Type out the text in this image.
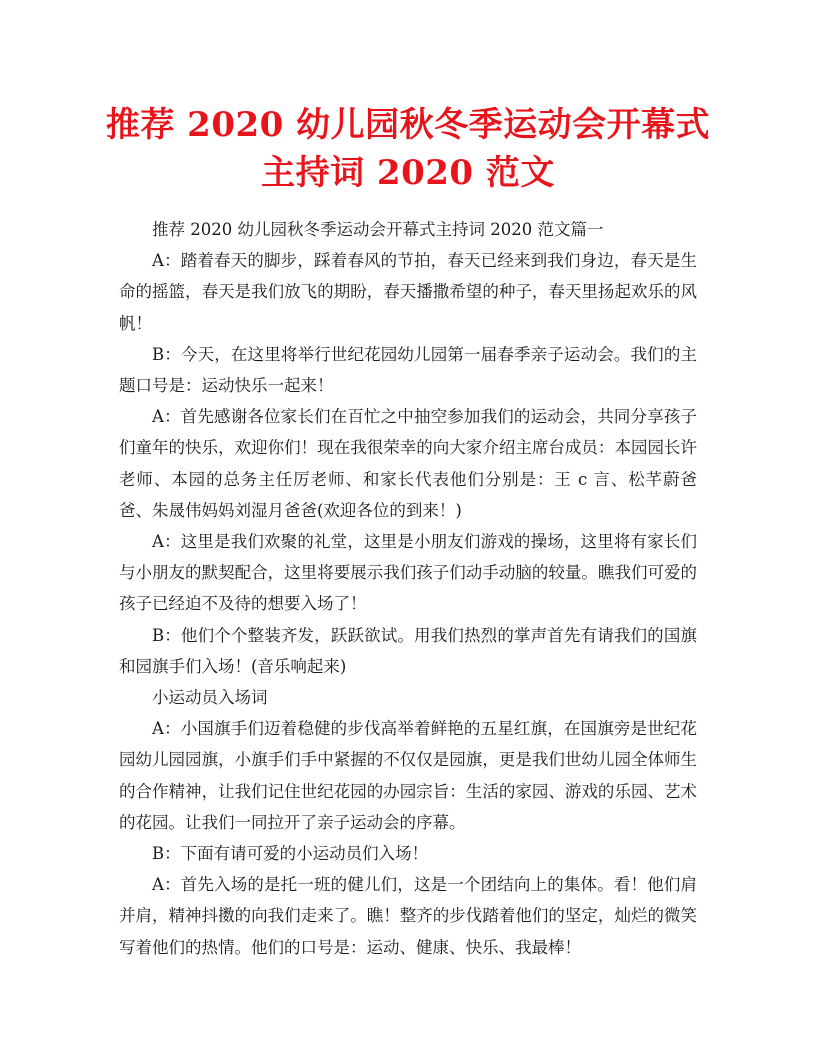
推荐 2020 幼儿园秋冬季运动会开幕式主持词 2020 范文

推荐 2020 幼儿园秋冬季运动会开幕式主持词 2020 范文篇一

A：踏着春天的脚步，踩着春风的节拍，春天已经来到我们身边，春天是生命的摇篮，春天是我们放飞的期盼，春天播撒希望的种子，春天里扬起欢乐的风帆！

B：今天，在这里将举行世纪花园幼儿园第一届春季亲子运动会。我们的主题口号是：运动快乐一起来！

A：首先感谢各位家长们在百忙之中抽空参加我们的运动会，共同分享孩子们童年的快乐，欢迎你们！现在我很荣幸的向大家介绍主席台成员：本园园长许老师、本园的总务主任厉老师、和家长代表他们分别是：王 c 言、松芊蔚爸爸、朱晟伟妈妈刘湿月爸爸(欢迎各位的到来！)

A：这里是我们欢聚的礼堂，这里是小朋友们游戏的操场，这里将有家长们与小朋友的默契配合，这里将要展示我们孩子们动手动脑的较量。瞧我们可爱的孩子已经迫不及待的想要入场了！

B：他们个个整装齐发，跃跃欲试。用我们热烈的掌声首先有请我们的国旗和园旗手们入场！(音乐响起来)

小运动员入场词

A：小国旗手们迈着稳健的步伐高举着鲜艳的五星红旗，在国旗旁是世纪花园幼儿园园旗，小旗手们手中紧握的不仅仅是园旗，更是我们世幼儿园全体师生的合作精神，让我们记住世纪花园的办园宗旨：生活的家园、游戏的乐园、艺术的花园。让我们一同拉开了亲子运动会的序幕。

B：下面有请可爱的小运动员们入场！

A：首先入场的是托一班的健儿们，这是一个团结向上的集体。看！他们肩并肩，精神抖擞的向我们走来了。瞧！整齐的步伐踏着他们的坚定，灿烂的微笑写着他们的热情。他们的口号是：运动、健康、快乐、我最棒！
